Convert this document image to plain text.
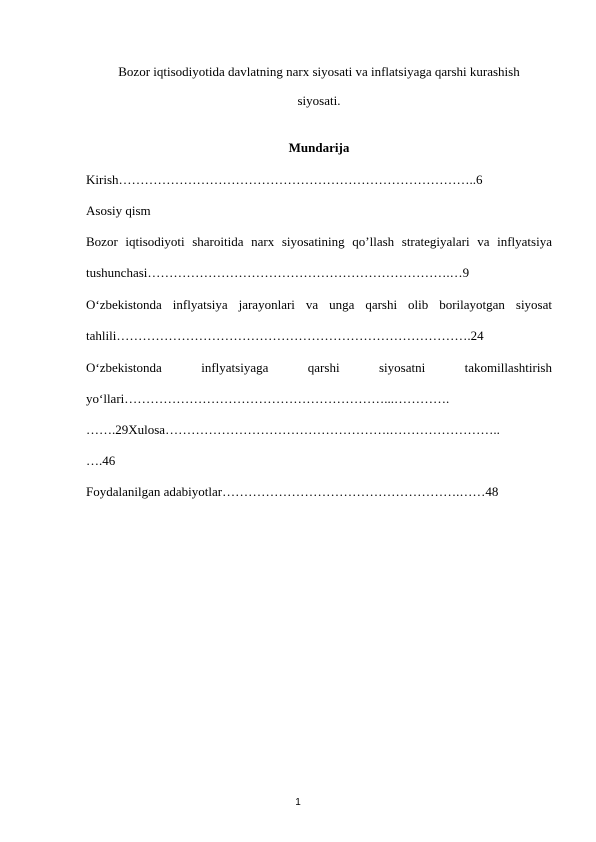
Bozor iqtisodiyotida davlatning narx siyosati va inflatsiyaga qarshi kurashish
siyosati.
Mundarija
Kirish………………………………………………………………………..6
Asosiy qism
Bozor iqtisodiyoti sharoitida narx siyosatining qo’llash strategiyalari va inflyatsiya
tushunchasi…………………………………………………………….…9
O‘zbekistonda inflyatsiya jarayonlari va unga qarshi olib borilayotgan siyosat
tahlili……………………………………………………………………….24
O‘zbekistonda inflyatsiyaga qarshi siyosatni takomillashtirish
yo‘llari……………………………………………………...………….
…….29Xulosa…………………………………………….……………………..
….46
Foydalanilgan adabiyotlar……………………………………………….……48
1
